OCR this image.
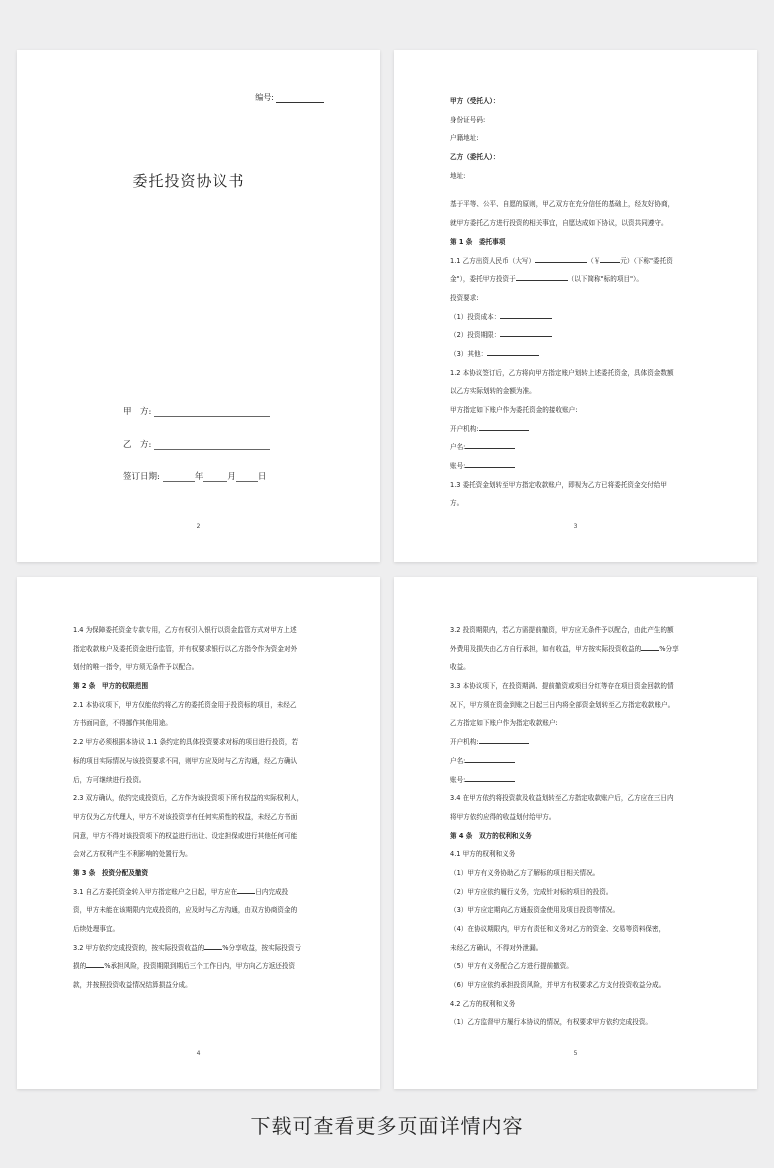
编号:
委托投资协议书
甲　方:
乙　方:
签订日期:	年	月	日
2
甲方（受托人）：
身份证号码:
户籍地址:
乙方（委托人）：
地址:
基于平等、公平、自愿的原则，甲乙双方在充分信任的基础上，经友好协商，
就甲方委托乙方进行投资的相关事宜，自愿达成如下协议，以资共同遵守。
第 1 条　委托事项
1.1 乙方出资人民币（大写）	（￥	元）（下称"委托资
金"），委托甲方投资于	（以下简称"标的项目"）。
投资要求:
（1）投资成本：
（2）投资期限：
（3）其他：
1.2 本协议签订后，乙方将向甲方指定账户划转上述委托资金，具体资金数额
以乙方实际划转的金额为准。
甲方指定如下账户作为委托资金的接收账户:
开户机构:
户名:
账号:
1.3 委托资金划转至甲方指定收款账户，即视为乙方已将委托资金交付给甲
方。
3
1.4 为保障委托资金专款专用，乙方有权引入银行以资金监管方式对甲方上述
指定收款账户及委托资金进行监管，并有权要求银行以乙方指令作为资金对外
划付的唯一指令，甲方须无条件予以配合。
第 2 条　甲方的权限范围
2.1 本协议项下，甲方仅能依约将乙方的委托资金用于投资标的项目，未经乙
方书面同意，不得挪作其他用途。
2.2 甲方必须根据本协议 1.1 条约定的具体投资要求对标的项目进行投资，若
标的项目实际情况与该投资要求不同，则甲方应及时与乙方沟通，经乙方确认
后，方可继续进行投资。
2.3 双方确认，依约完成投资后，乙方作为该投资项下所有权益的实际权利人，
甲方仅为乙方代理人，甲方不对该投资享有任何实质性的权益，未经乙方书面
同意，甲方不得对该投资项下的权益进行出让、设定担保或进行其他任何可能
会对乙方权利产生不利影响的处置行为。
第 3 条　投资分配及撤资
3.1 自乙方委托资金转入甲方指定账户之日起，甲方应在	日内完成投
资，甲方未能在该期限内完成投资的，应及时与乙方沟通，由双方协商资金的
后续处理事宜。
3.2 甲方依约完成投资的，按实际投资收益的	%分享收益，按实际投资亏
损的	%承担风险，投资期限到期后三个工作日内，甲方向乙方返还投资
款，并按照投资收益情况结算损益分成。
4
3.2 投资期限内，若乙方需提前撤资，甲方应无条件予以配合，由此产生的额
外费用及损失由乙方自行承担，如有收益，甲方按实际投资收益的	%分享
收益。
3.3 本协议项下，在投资期满、提前撤资或项目分红等存在项目资金回款的情
况下，甲方须在资金到账之日起三日内将全部资金划转至乙方指定收款账户。
乙方指定如下账户作为指定收款账户:
开户机构:
户名:
账号:
3.4 在甲方依约将投资款及收益划转至乙方指定收款账户后，乙方应在三日内
将甲方依约应得的收益划付给甲方。
第 4 条　双方的权利和义务
4.1 甲方的权利和义务
（1）甲方有义务协助乙方了解标的项目相关情况。
（2）甲方应依约履行义务，完成针对标的项目的投资。
（3）甲方应定期向乙方通报资金使用及项目投资等情况。
（4）在协议期限内，甲方有责任和义务对乙方的资金、交易等资料保密，
未经乙方确认，不得对外泄漏。
（5）甲方有义务配合乙方进行提前撤资。
（6）甲方应依约承担投资风险，并甲方有权要求乙方支付投资收益分成。
4.2 乙方的权利和义务
（1）乙方监督甲方履行本协议的情况，有权要求甲方依约完成投资。
5
下载可查看更多页面详情内容
